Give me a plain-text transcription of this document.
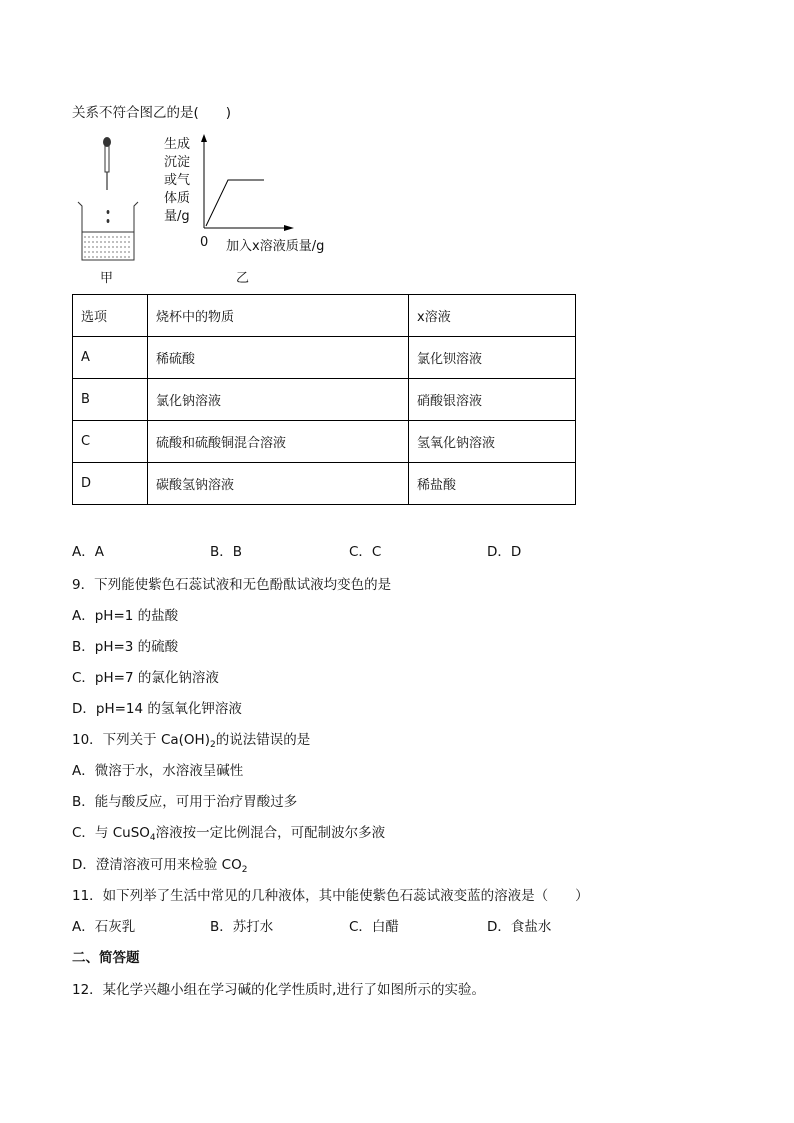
关系不符合图乙的是(　　)
生成沉淀或气体质量/g
0 加入x溶液质量/g
甲	乙
选项	烧杯中的物质	x溶液
A	稀硫酸	氯化钡溶液
B	氯化钠溶液	硝酸银溶液
C	硫酸和硫酸铜混合溶液	氢氧化钠溶液
D	碳酸氢钠溶液	稀盐酸
A．A	B．B	C．C	D．D
9．下列能使紫色石蕊试液和无色酚酞试液均变色的是
A．pH=1 的盐酸
B．pH=3 的硫酸
C．pH=7 的氯化钠溶液
D．pH=14 的氢氧化钾溶液
10．下列关于 $Ca(OH)_2$的说法错误的是
A．微溶于水，水溶液呈碱性
B．能与酸反应，可用于治疗胃酸过多
C．与 CuSO$_4$溶液按一定比例混合，可配制波尔多液
D．澄清溶液可用来检验 $CO_2$
11．如下列举了生活中常见的几种液体，其中能使紫色石蕊试液变蓝的溶液是（　　）
A．石灰乳	B．苏打水	C．白醋	D．食盐水
二、简答题
12．某化学兴趣小组在学习碱的化学性质时,进行了如图所示的实验。
